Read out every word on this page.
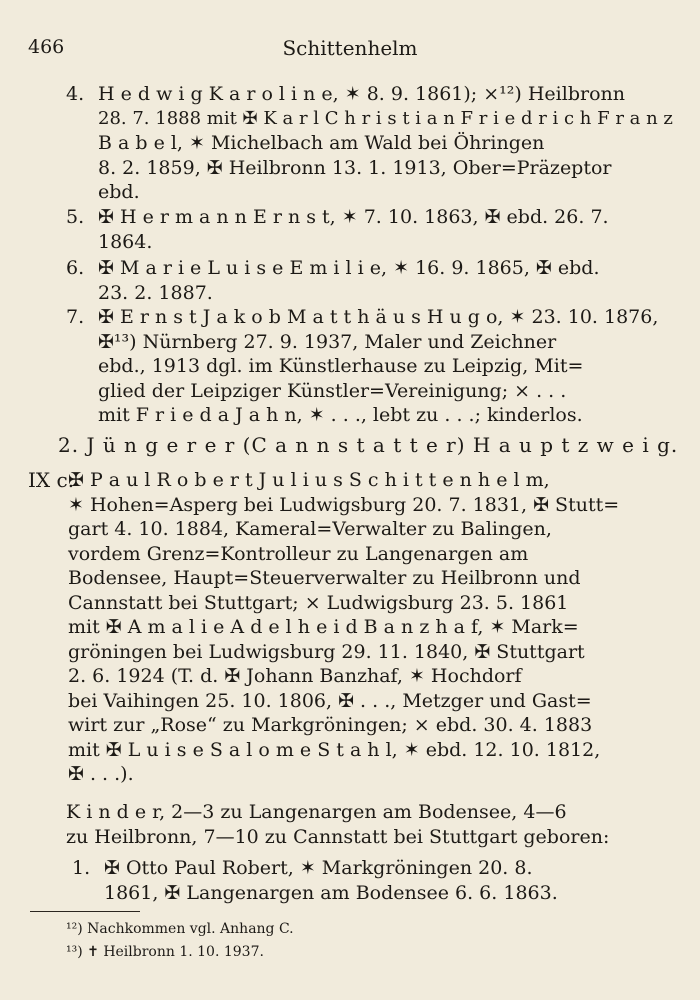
466	Schittenhelm
4. H e d w i g K a r o l i n e, ✶ 8. 9. 1861); ×¹²) Heilbronn
28. 7. 1888 mit ✠ K a r l C h r i s t i a n F r i e d r i c h F r a n z
B a b e l, ✶ Michelbach am Wald bei Öhringen
8. 2. 1859, ✠ Heilbronn 13. 1. 1913, Ober=Präzeptor
ebd.
5. ✠ H e r m a n n E r n s t, ✶ 7. 10. 1863, ✠ ebd. 26. 7.
1864.
6. ✠ M a r i e L u i s e E m i l i e, ✶ 16. 9. 1865, ✠ ebd.
23. 2. 1887.
7. ✠ E r n s t J a k o b M a t t h ä u s H u g o, ✶ 23. 10. 1876,
✠¹³) Nürnberg 27. 9. 1937, Maler und Zeichner
ebd., 1913 dgl. im Künstlerhause zu Leipzig, Mit=
glied der Leipziger Künstler=Vereinigung; × . . .
mit F r i e d a J a h n, ✶ . . ., lebt zu . . .; kinderlos.
2. J ü n g e r e r (C a n n s t a t t e r) H a u p t z w e i g.
IX c.
✠ P a u l R o b e r t J u l i u s S c h i t t e n h e l m,
✶ Hohen=Asperg bei Ludwigsburg 20. 7. 1831, ✠ Stutt=
gart 4. 10. 1884, Kameral=Verwalter zu Balingen,
vordem Grenz=Kontrolleur zu Langenargen am
Bodensee, Haupt=Steuerverwalter zu Heilbronn und
Cannstatt bei Stuttgart; × Ludwigsburg 23. 5. 1861
mit ✠ A m a l i e A d e l h e i d B a n z h a f, ✶ Mark=
gröningen bei Ludwigsburg 29. 11. 1840, ✠ Stuttgart
2. 6. 1924 (T. d. ✠ Johann Banzhaf, ✶ Hochdorf
bei Vaihingen 25. 10. 1806, ✠ . . ., Metzger und Gast=
wirt zur „Rose“ zu Markgröningen; × ebd. 30. 4. 1883
mit ✠ L u i s e S a l o m e S t a h l, ✶ ebd. 12. 10. 1812,
✠ . . .).
K i n d e r, 2—3 zu Langenargen am Bodensee, 4—6
zu Heilbronn, 7—10 zu Cannstatt bei Stuttgart geboren:
1. ✠ Otto Paul Robert, ✶ Markgröningen 20. 8.
1861, ✠ Langenargen am Bodensee 6. 6. 1863.
¹²) Nachkommen vgl. Anhang C.
¹³) ✝ Heilbronn 1. 10. 1937.
